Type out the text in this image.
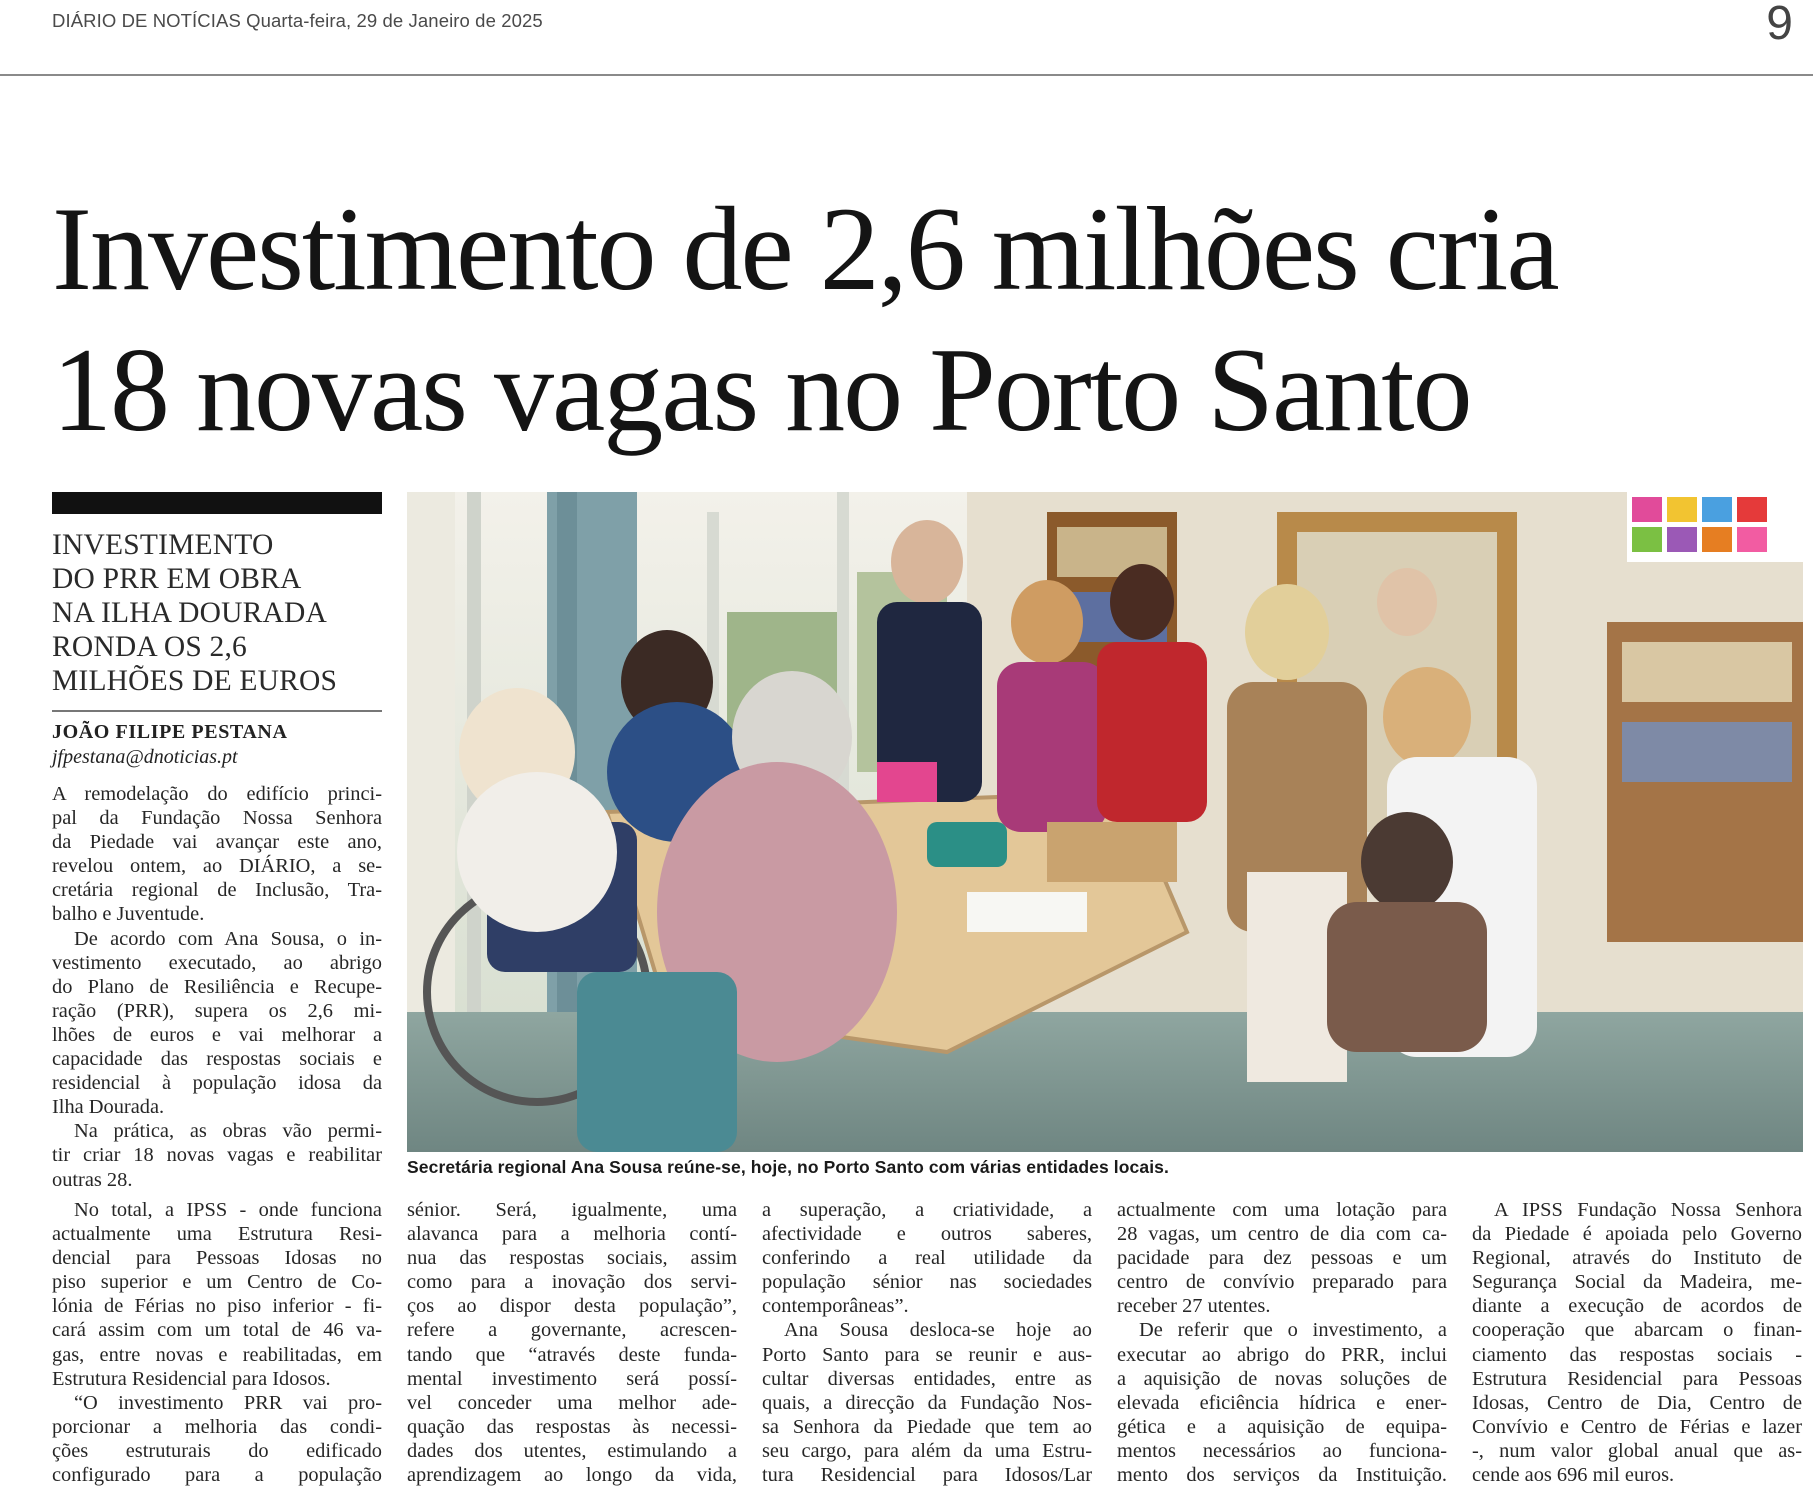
DIÁRIO DE NOTÍCIAS Quarta-feira, 29 de Janeiro de 2025	9
Investimento de 2,6 milhões cria
18 novas vagas no Porto Santo
INVESTIMENTO
DO PRR EM OBRA
NA ILHA DOURADA
RONDA OS 2,6
MILHÕES DE EUROS
JOÃO FILIPE PESTANA
jfpestana@dnoticias.pt
A remodelação do edifício princi-
pal da Fundação Nossa Senhora
da Piedade vai avançar este ano,
revelou ontem, ao DIÁRIO, a se-
cretária regional de Inclusão, Tra-
balho e Juventude.
De acordo com Ana Sousa, o in-
vestimento executado, ao abrigo
do Plano de Resiliência e Recupe-
ração (PRR), supera os 2,6 mi-
lhões de euros e vai melhorar a
capacidade das respostas sociais e
residencial à população idosa da
Ilha Dourada.
Na prática, as obras vão permi-
tir criar 18 novas vagas e reabilitar
outras 28.
Secretária regional Ana Sousa reúne-se, hoje, no Porto Santo com várias entidades locais.
No total, a IPSS - onde funciona
actualmente uma Estrutura Resi-
dencial para Pessoas Idosas no
piso superior e um Centro de Co-
lónia de Férias no piso inferior - fi-
cará assim com um total de 46 va-
gas, entre novas e reabilitadas, em
Estrutura Residencial para Idosos.
“O investimento PRR vai pro-
porcionar a melhoria das condi-
ções estruturais do edificado
configurado para a população
sénior. Será, igualmente, uma
alavanca para a melhoria contí-
nua das respostas sociais, assim
como para a inovação dos servi-
ços ao dispor desta população”,
refere a governante, acrescen-
tando que “através deste funda-
mental investimento será possí-
vel conceder uma melhor ade-
quação das respostas às necessi-
dades dos utentes, estimulando a
aprendizagem ao longo da vida,
a superação, a criatividade, a
afectividade e outros saberes,
conferindo a real utilidade da
população sénior nas sociedades
contemporâneas”.
Ana Sousa desloca-se hoje ao
Porto Santo para se reunir e aus-
cultar diversas entidades, entre as
quais, a direcção da Fundação Nos-
sa Senhora da Piedade que tem ao
seu cargo, para além da uma Estru-
tura Residencial para Idosos/Lar
actualmente com uma lotação para
28 vagas, um centro de dia com ca-
pacidade para dez pessoas e um
centro de convívio preparado para
receber 27 utentes.
De referir que o investimento, a
executar ao abrigo do PRR, inclui
a aquisição de novas soluções de
elevada eficiência hídrica e ener-
gética e a aquisição de equipa-
mentos necessários ao funciona-
mento dos serviços da Instituição.
A IPSS Fundação Nossa Senhora
da Piedade é apoiada pelo Governo
Regional, através do Instituto de
Segurança Social da Madeira, me-
diante a execução de acordos de
cooperação que abarcam o finan-
ciamento das respostas sociais -
Estrutura Residencial para Pessoas
Idosas, Centro de Dia, Centro de
Convívio e Centro de Férias e lazer
-, num valor global anual que as-
cende aos 696 mil euros.
